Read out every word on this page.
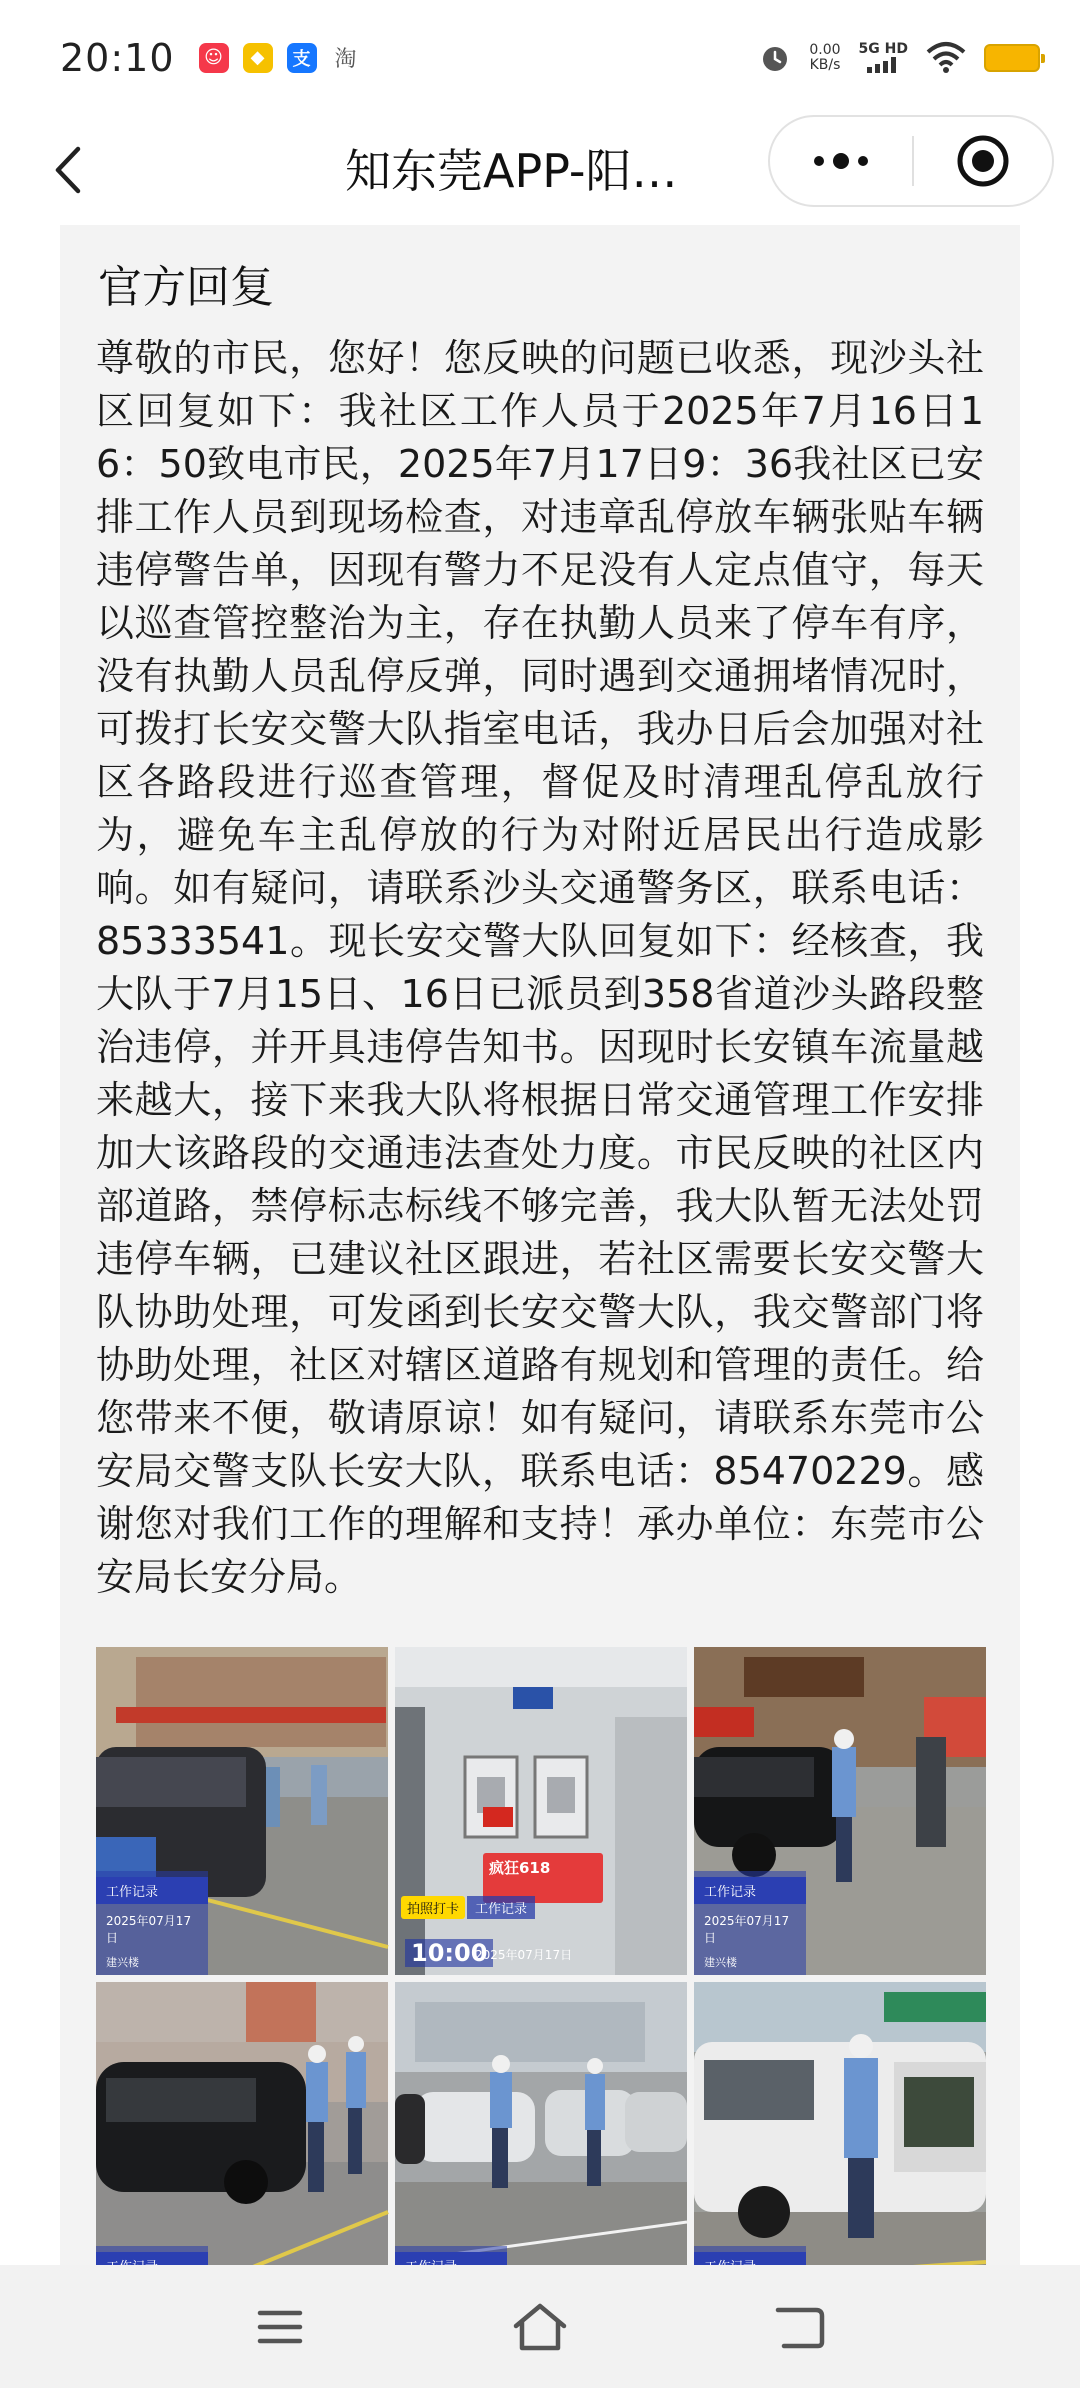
20:10	☺	◆	支 淘	0.00
KB/s
5G HD
知东莞APP-阳…
官方回复
尊敬的市民，您好！您反映的问题已收悉，现沙头社区回复如下：我社区工作人员于2025年7月16日16：50致电市民，2025年7月17日9：36我社区已安排工作人员到现场检查，对违章乱停放车辆张贴车辆违停警告单，因现有警力不足没有人定点值守，每天以巡查管控整治为主，存在执勤人员来了停车有序，没有执勤人员乱停反弹，同时遇到交通拥堵情况时，可拨打长安交警大队指室电话，我办日后会加强对社区各路段进行巡查管理，督促及时清理乱停乱放行为，避免车主乱停放的行为对附近居民出行造成影响。如有疑问，请联系沙头交通警务区，联系电话：85333541。现长安交警大队回复如下：经核查，我大队于7月15日、16日已派员到358省道沙头路段整治违停，并开具违停告知书。因现时长安镇车流量越来越大，接下来我大队将根据日常交通管理工作安排加大该路段的交通违法查处力度。市民反映的社区内部道路，禁停标志标线不够完善，我大队暂无法处罚违停车辆，已建议社区跟进，若社区需要长安交警大队协助处理，可发函到长安交警大队，我交警部门将协助处理，社区对辖区道路有规划和管理的责任。给您带来不便，敬请原谅！如有疑问，请联系东莞市公安局交警支队长安大队，联系电话：85470229。感谢您对我们工作的理解和支持！承办单位：东莞市公安局长安分局。
工作记录
2025年07月17日
建兴楼
疯狂618
拍照打卡	工作记录
10:00
2025年07月17日
工作记录
2025年07月17日
建兴楼
